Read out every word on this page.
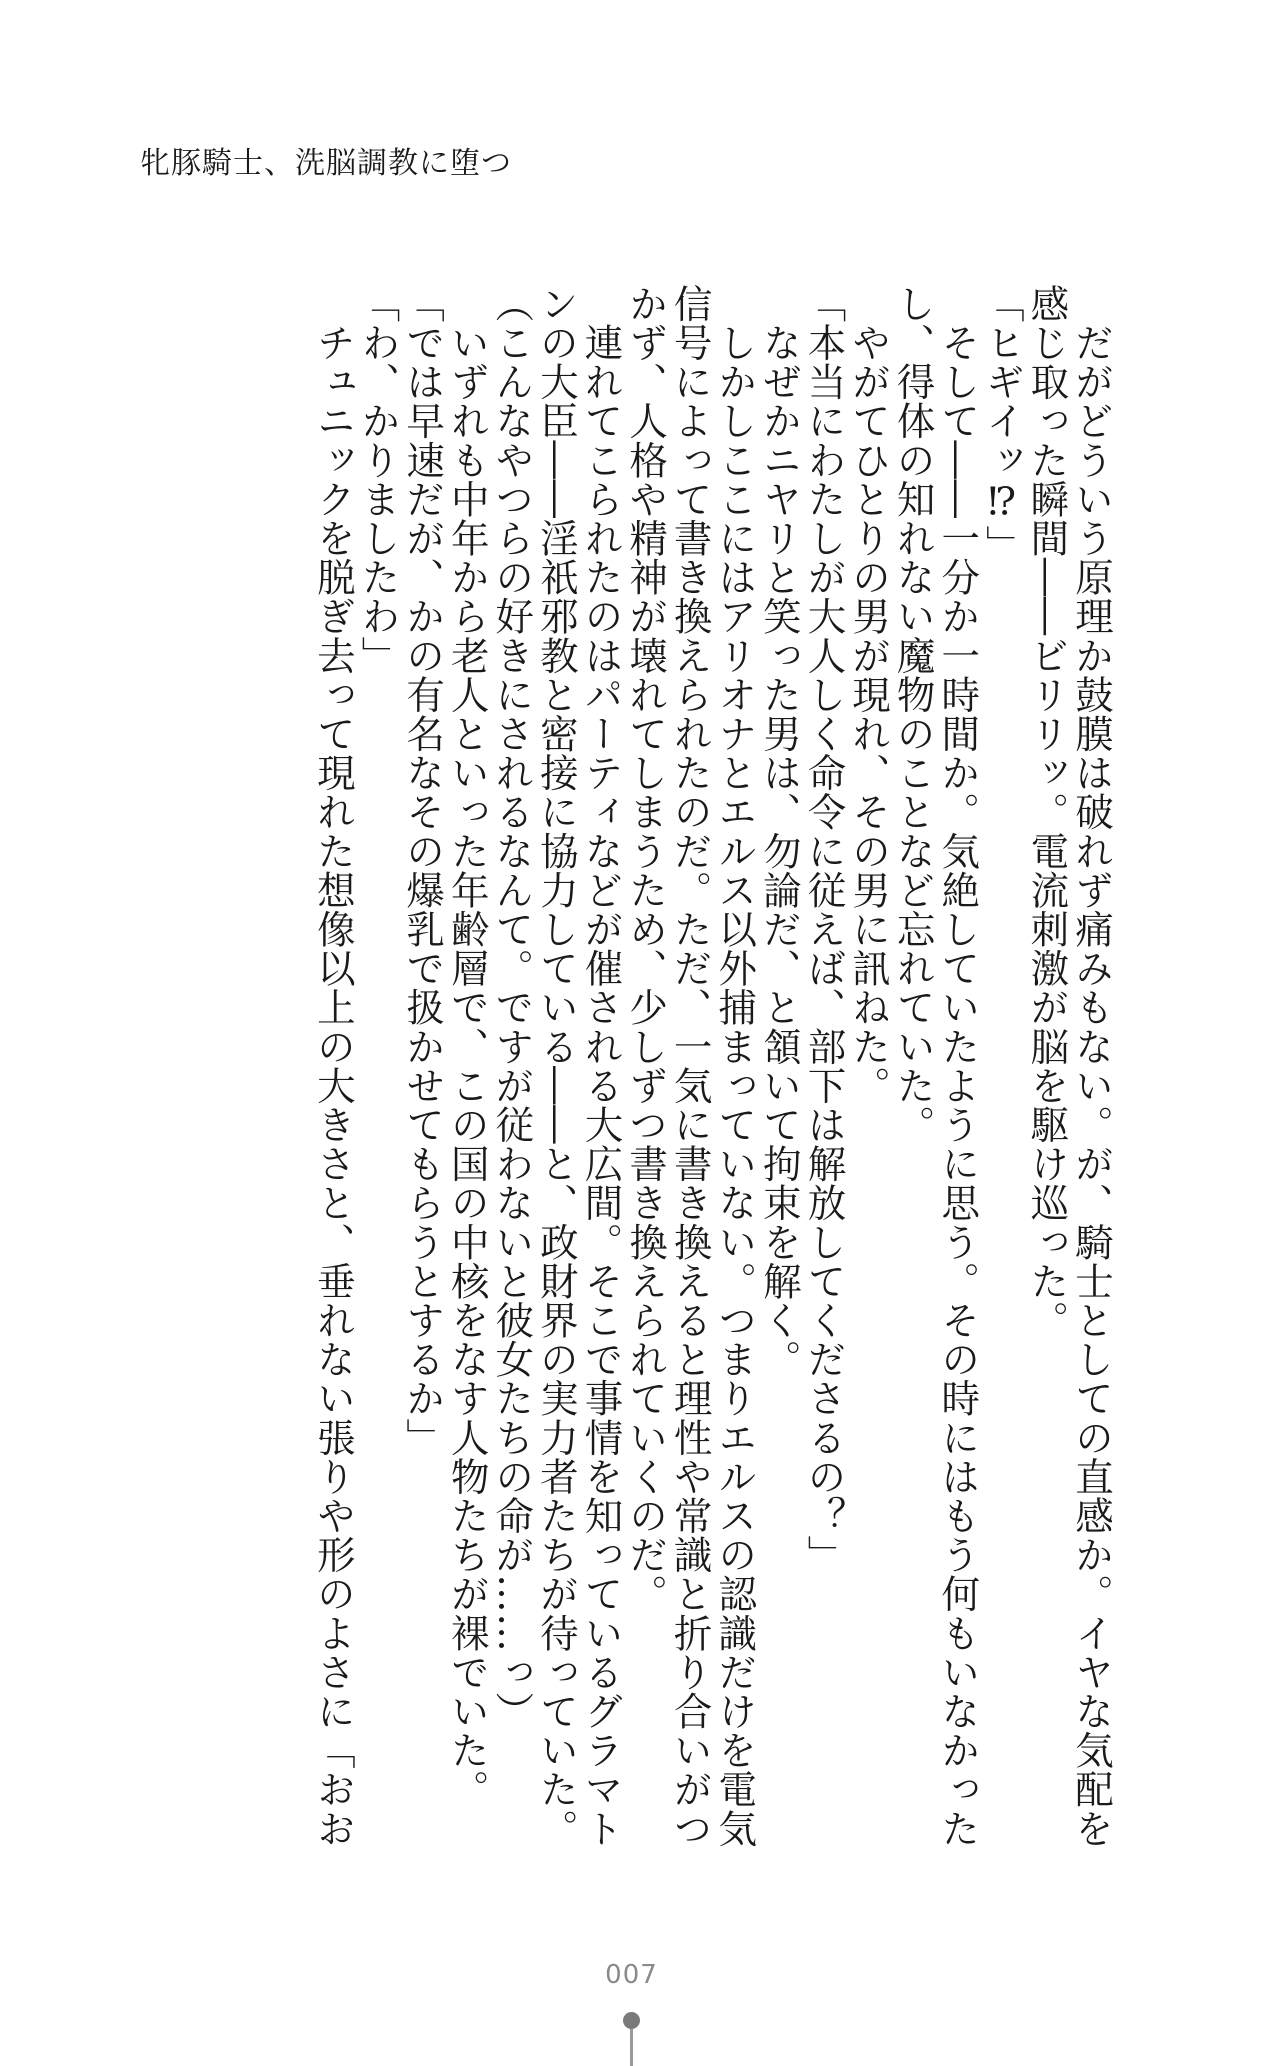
牝豚騎士、洗脳調教に堕つ
　だがどういう原理か鼓膜は破れず痛みもない。が、騎士としての直感か。イヤな気配を
感じ取った瞬間――ビリリッ。電流刺激が脳を駆け巡った。
「ヒギイッ⁉」
　そして――一分か一時間か。気絶していたように思う。その時にはもう何もいなかった
し、得体の知れない魔物のことなど忘れていた。
　やがてひとりの男が現れ、その男に訊ねた。
「本当にわたしが大人しく命令に従えば、部下は解放してくださるの？」
　なぜかニヤリと笑った男は、勿論だ、と頷いて拘束を解く。
　しかしここにはアリオナとエルス以外捕まっていない。つまりエルスの認識だけを電気
信号によって書き換えられたのだ。ただ、一気に書き換えると理性や常識と折り合いがつ
かず、人格や精神が壊れてしまうため、少しずつ書き換えられていくのだ。
　連れてこられたのはパーティなどが催される大広間。そこで事情を知っているグラマト
ンの大臣――淫祇邪教と密接に協力している――と、政財界の実力者たちが待っていた。
（こんなやつらの好きにされるなんて。ですが従わないと彼女たちの命が……っ）
　いずれも中年から老人といった年齢層で、この国の中核をなす人物たちが裸でいた。
「では早速だが、かの有名なその爆乳で扱かせてもらうとするか」
「わ、かりましたわ」
　チュニックを脱ぎ去って現れた想像以上の大きさと、垂れない張りや形のよさに「おお
007
